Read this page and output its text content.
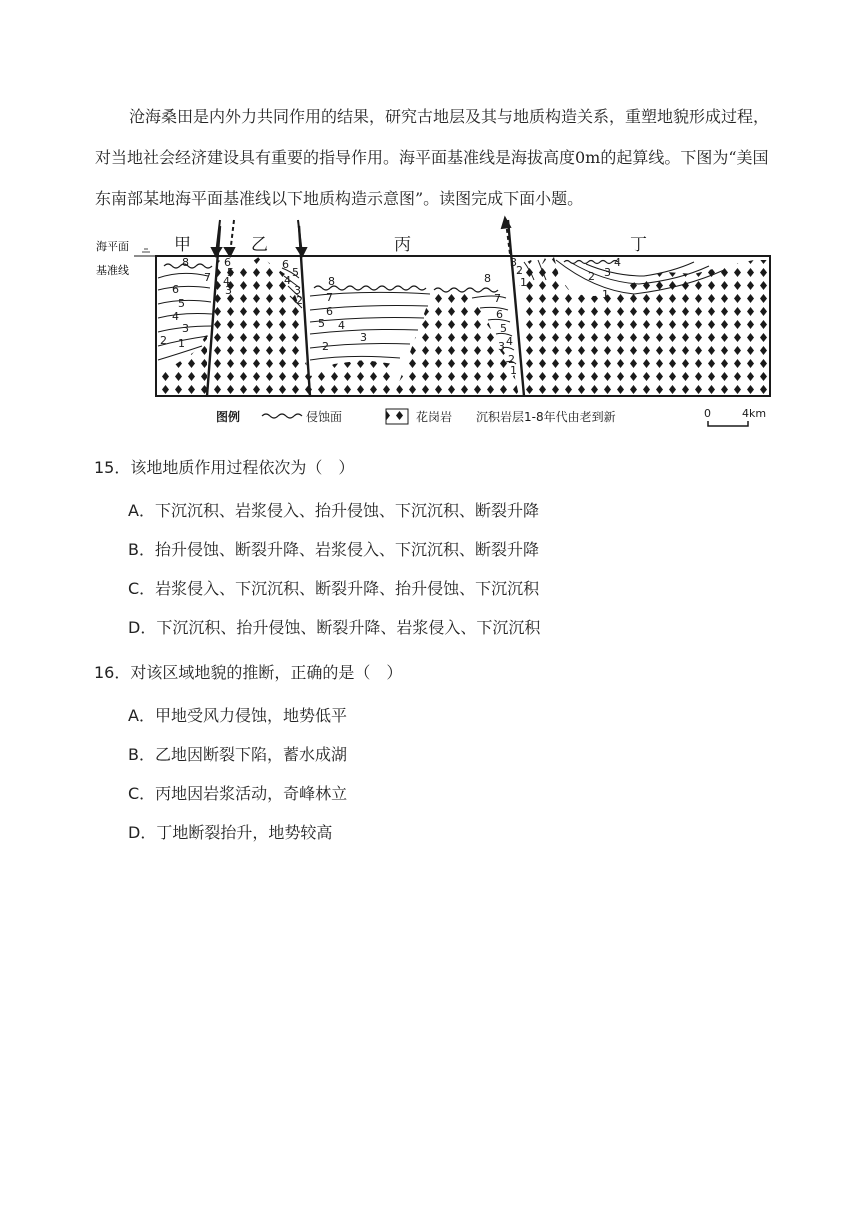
沧海桑田是内外力共同作用的结果，研究古地层及其与地质构造关系，重塑地貌形成过程，对当地社会经济建设具有重要的指导作用。海平面基准线是海拔高度0m的起算线。下图为“美国东南部某地海平面基准线以下地质构造示意图”。读图完成下面小题。

海平面
基准线
甲	乙	丙	丁
8
7
6
5
4
3
2 1
6
5
4
3
6
5
4
3
2
8
7
6
5 4
3
2
8
7
6
5
4
3
2
1
3
2
1
4
3
2
1
图例	侵蚀面	花岗岩 沉积岩层1-8年代由老到新	0	4km

15．该地地质作用过程依次为（　）

A．下沉沉积、岩浆侵入、抬升侵蚀、下沉沉积、断裂升降
B．抬升侵蚀、断裂升降、岩浆侵入、下沉沉积、断裂升降
C．岩浆侵入、下沉沉积、断裂升降、抬升侵蚀、下沉沉积
D．下沉沉积、抬升侵蚀、断裂升降、岩浆侵入、下沉沉积

16．对该区域地貌的推断，正确的是（　）

A．甲地受风力侵蚀，地势低平
B．乙地因断裂下陷，蓄水成湖
C．丙地因岩浆活动，奇峰林立
D．丁地断裂抬升，地势较高
